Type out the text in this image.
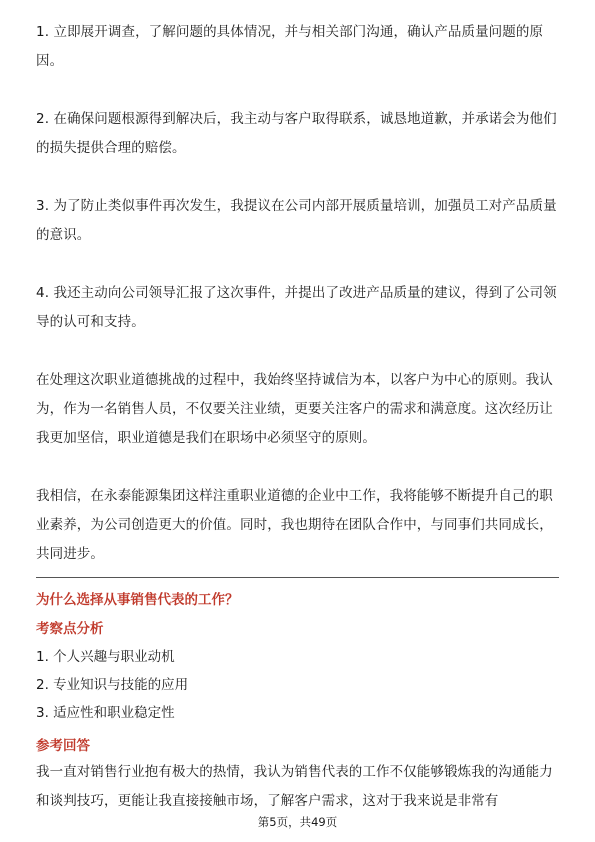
1. 立即展开调查，了解问题的具体情况，并与相关部门沟通，确认产品质量问题的原因。

2. 在确保问题根源得到解决后，我主动与客户取得联系，诚恳地道歉，并承诺会为他们的损失提供合理的赔偿。

3. 为了防止类似事件再次发生，我提议在公司内部开展质量培训，加强员工对产品质量的意识。

4. 我还主动向公司领导汇报了这次事件，并提出了改进产品质量的建议，得到了公司领导的认可和支持。

在处理这次职业道德挑战的过程中，我始终坚持诚信为本，以客户为中心的原则。我认为，作为一名销售人员，不仅要关注业绩，更要关注客户的需求和满意度。这次经历让我更加坚信，职业道德是我们在职场中必须坚守的原则。

我相信，在永泰能源集团这样注重职业道德的企业中工作，我将能够不断提升自己的职业素养，为公司创造更大的价值。同时，我也期待在团队合作中，与同事们共同成长，共同进步。

为什么选择从事销售代表的工作？
考察点分析
1. 个人兴趣与职业动机
2. 专业知识与技能的应用
3. 适应性和职业稳定性
参考回答

我一直对销售行业抱有极大的热情，我认为销售代表的工作不仅能够锻炼我的沟通能力和谈判技巧，更能让我直接接触市场，了解客户需求，这对于我来说是非常有

第5页，共49页
